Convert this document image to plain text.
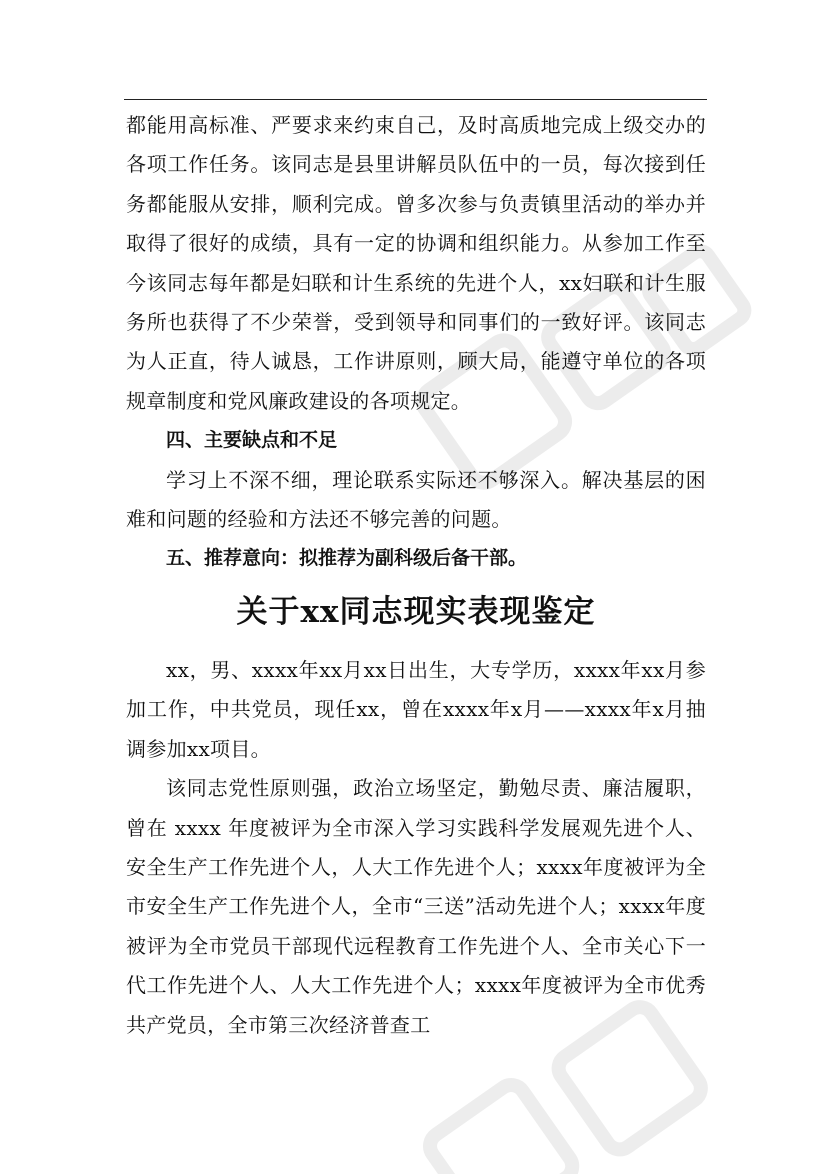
都能用高标准、严要求来约束自己，及时高质地完成上级交办的各项工作任务。该同志是县里讲解员队伍中的一员，每次接到任务都能服从安排，顺利完成。曾多次参与负责镇里活动的举办并取得了很好的成绩，具有一定的协调和组织能力。从参加工作至今该同志每年都是妇联和计生系统的先进个人，xx妇联和计生服务所也获得了不少荣誉，受到领导和同事们的一致好评。该同志为人正直，待人诚恳，工作讲原则，顾大局，能遵守单位的各项规章制度和党风廉政建设的各项规定。

四、主要缺点和不足

学习上不深不细，理论联系实际还不够深入。解决基层的困难和问题的经验和方法还不够完善的问题。

五、推荐意向：拟推荐为副科级后备干部。

关于xx同志现实表现鉴定

xx，男、xxxx年xx月xx日出生，大专学历，xxxx年xx月参加工作，中共党员，现任xx，曾在xxxx年x月——xxxx年x月抽调参加xx项目。

该同志党性原则强，政治立场坚定，勤勉尽责、廉洁履职，曾在 xxxx 年度被评为全市深入学习实践科学发展观先进个人、安全生产工作先进个人，人大工作先进个人；xxxx年度被评为全市安全生产工作先进个人，全市“三送”活动先进个人；xxxx年度被评为全市党员干部现代远程教育工作先进个人、全市关心下一代工作先进个人、人大工作先进个人；xxxx年度被评为全市优秀共产党员，全市第三次经济普查工
